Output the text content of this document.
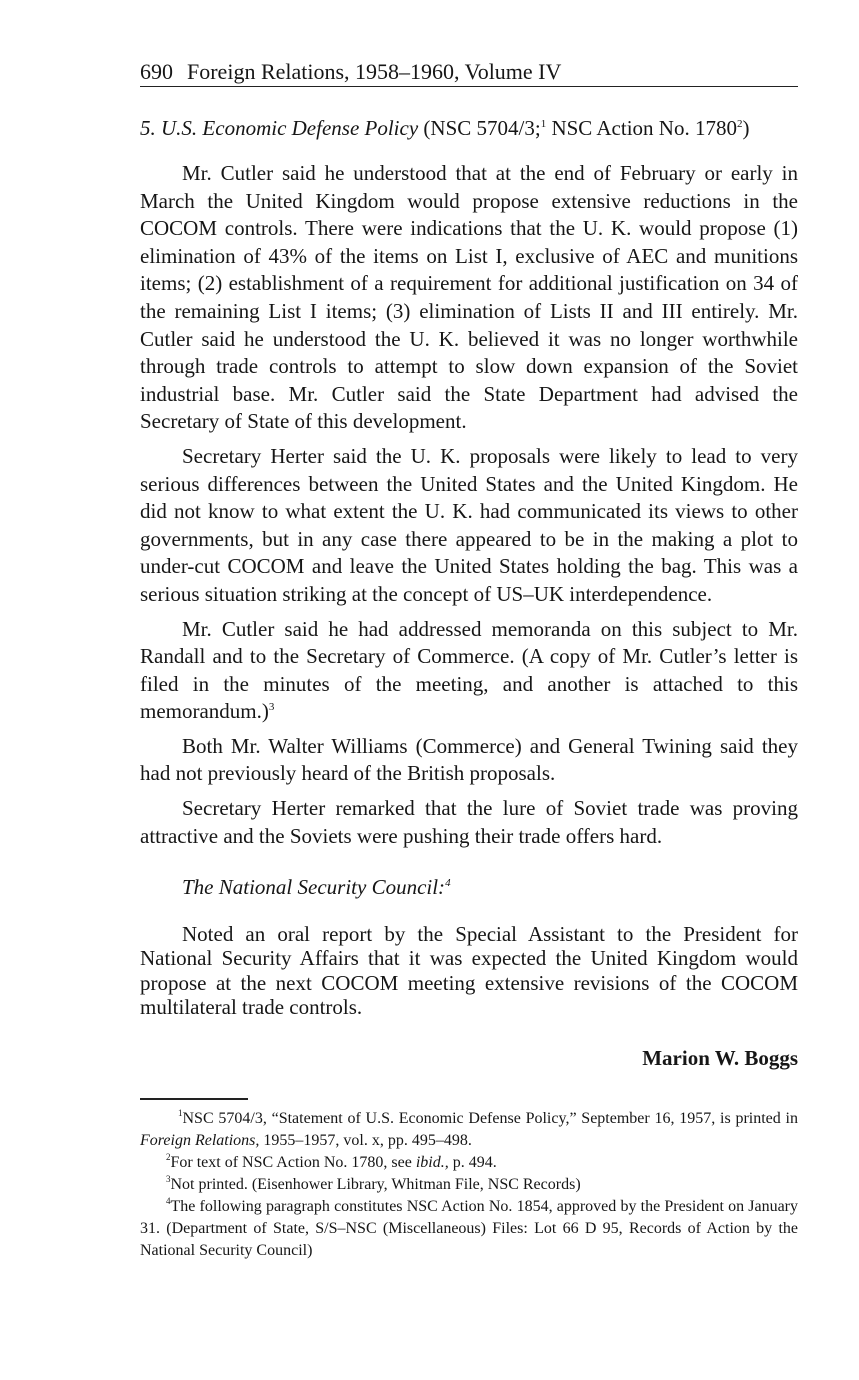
690 Foreign Relations, 1958–1960, Volume IV
5. U.S. Economic Defense Policy (NSC 5704/3;$^1$ NSC Action No. 1780$^2$)

Mr. Cutler said he understood that at the end of February or early in March the United Kingdom would propose extensive reductions in the COCOM controls. There were indications that the U. K. would propose (1) elimination of 43% of the items on List I, exclusive of AEC and munitions items; (2) establishment of a requirement for additional justification on 34 of the remaining List I items; (3) elimination of Lists II and III entirely. Mr. Cutler said he understood the U. K. believed it was no longer worthwhile through trade controls to attempt to slow down expansion of the Soviet industrial base. Mr. Cutler said the State Department had advised the Secretary of State of this development.

Secretary Herter said the U. K. proposals were likely to lead to very serious differences between the United States and the United Kingdom. He did not know to what extent the U. K. had communicated its views to other governments, but in any case there appeared to be in the making a plot to under-cut COCOM and leave the United States holding the bag. This was a serious situation striking at the concept of US–UK interdependence.

Mr. Cutler said he had addressed memoranda on this subject to Mr. Randall and to the Secretary of Commerce. (A copy of Mr. Cutler’s letter is filed in the minutes of the meeting, and another is attached to this memorandum.)$^3$

Both Mr. Walter Williams (Commerce) and General Twining said they had not previously heard of the British proposals.

Secretary Herter remarked that the lure of Soviet trade was proving attractive and the Soviets were pushing their trade offers hard.

The National Security Council:$^4$

Noted an oral report by the Special Assistant to the President for National Security Affairs that it was expected the United Kingdom would propose at the next COCOM meeting extensive revisions of the COCOM multilateral trade controls.

Marion W. Boggs

$^1$NSC 5704/3, “Statement of U.S. Economic Defense Policy,” September 16, 1957, is printed in Foreign Relations, 1955–1957, vol. x, pp. 495–498.

$^2$For text of NSC Action No. 1780, see ibid., p. 494.

$^3$Not printed. (Eisenhower Library, Whitman File, NSC Records)

$^4$The following paragraph constitutes NSC Action No. 1854, approved by the President on January 31. (Department of State, S/S–NSC (Miscellaneous) Files: Lot 66 D 95, Records of Action by the National Security Council)
